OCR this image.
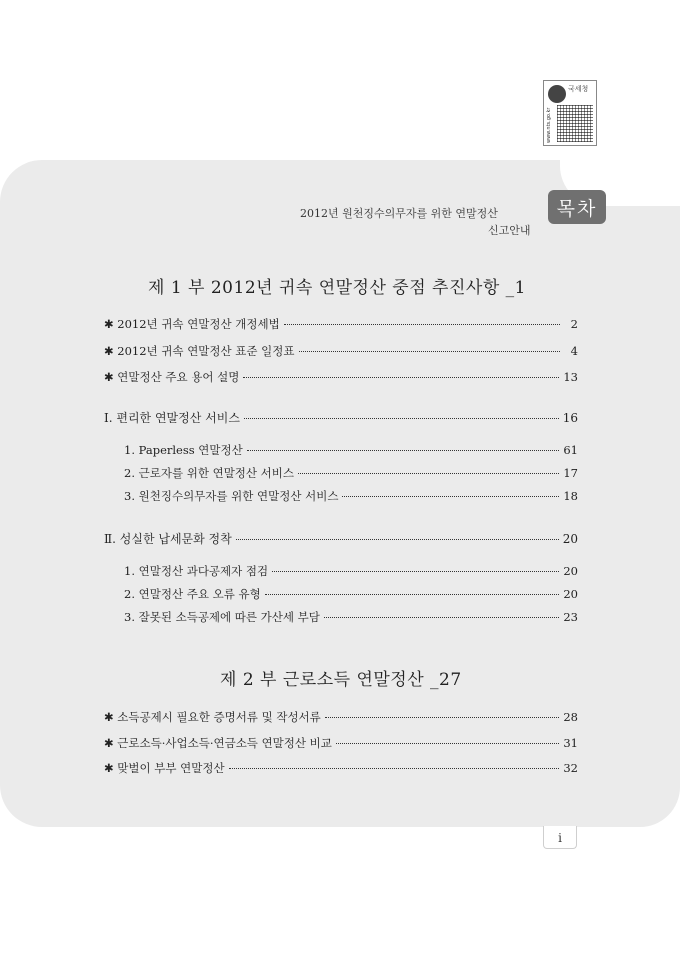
국세청
www.nts.go.kr
2012년 원천징수의무자를 위한 연말정산
신고안내
목차
제 1 부 2012년 귀속 연말정산 중점 추진사항 _1
✱ 2012년 귀속 연말정산 개정세법	2
✱ 2012년 귀속 연말정산 표준 일정표	4
✱ 연말정산 주요 용어 설명	13
Ⅰ. 편리한 연말정산 서비스	16
1. Paperless 연말정산	61
2. 근로자를 위한 연말정산 서비스	17
3. 원천징수의무자를 위한 연말정산 서비스	18
Ⅱ. 성실한 납세문화 정착	20
1. 연말정산 과다공제자 점검	20
2. 연말정산 주요 오류 유형	20
3. 잘못된 소득공제에 따른 가산세 부담	23
제 2 부 근로소득 연말정산 _27
✱ 소득공제시 필요한 증명서류 및 작성서류	28
✱ 근로소득·사업소득·연금소득 연말정산 비교	31
✱ 맞벌이 부부 연말정산	32
i
